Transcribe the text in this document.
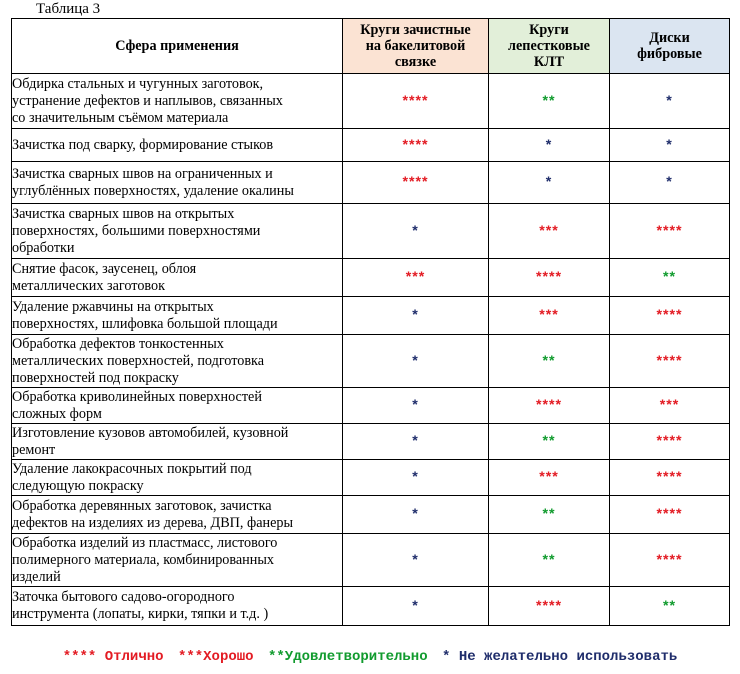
Таблица 3
Сфера применения	Круги зачистные
на бакелитовой
связке	Круги
лепестковые
КЛТ	Диски
фибровые
Обдирка стальных и чугунных заготовок,
устранение дефектов и наплывов, связанных
со значительным съёмом материала	****	**	*
Зачистка под сварку, формирование стыков	****	*	*
Зачистка сварных швов на ограниченных и
углублённых поверхностях, удаление окалины	****	*	*
Зачистка сварных швов на открытых
поверхностях, большими поверхностями
обработки	*	***	****
Снятие фасок, заусенец, облоя
металлических заготовок	***	****	**
Удаление ржавчины на открытых
поверхностях, шлифовка большой площади	*	***	****
Обработка дефектов тонкостенных
металлических поверхностей, подготовка
поверхностей под покраску	*	**	****
Обработка криволинейных поверхностей
сложных форм	*	****	***
Изготовление кузовов автомобилей, кузовной
ремонт	*	**	****
Удаление лакокрасочных покрытий под
следующую покраску	*	***	****
Обработка деревянных заготовок, зачистка
дефектов на изделиях из дерева, ДВП, фанеры	*	**	****
Обработка изделий из пластмасс, листового
полимерного материала, комбинированных
изделий	*	**	****
Заточка бытового садово-огородного
инструмента (лопаты, кирки, тяпки и т.д. )	*	****	**
**** Отлично ***Хорошо **Удовлетворительно * Не желательно использовать
